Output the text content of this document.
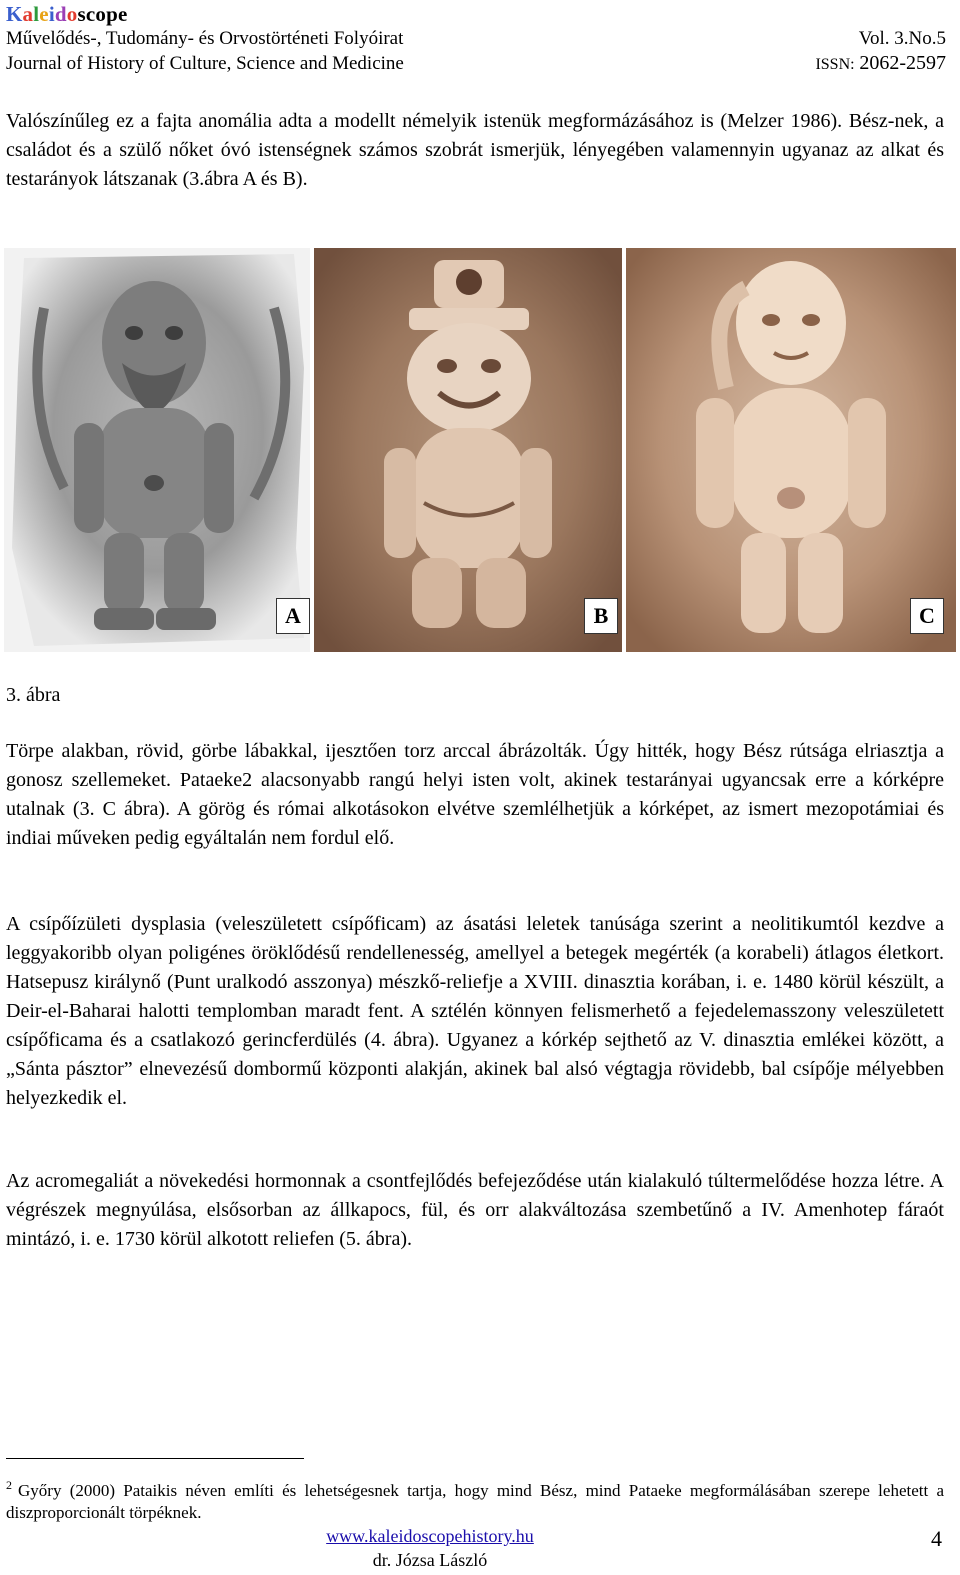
Kaleidoscope
Művelődés-, Tudomány- és Orvostörténeti Folyóirat	Vol. 3.No.5
Journal of History of Culture, Science and Medicine	ISSN: 2062-2597

Valószínűleg ez a fajta anomália adta a modellt némelyik istenük megformázásához is (Melzer 1986). Bész-nek, a családot és a szülő nőket óvó istenségnek számos szobrát ismerjük, lényegében valamennyin ugyanaz az alkat és testarányok látszanak (3.ábra A és B).

A	B	C

3. ábra

Törpe alakban, rövid, görbe lábakkal, ijesztően torz arccal ábrázolták. Úgy hitték, hogy Bész rútsága elriasztja a gonosz szellemeket. Pataeke2 alacsonyabb rangú helyi isten volt, akinek testarányai ugyancsak erre a kórképre utalnak (3. C ábra). A görög és római alkotásokon elvétve szemlélhetjük a kórképet, az ismert mezopotámiai és indiai műveken pedig egyáltalán nem fordul elő.

A csípőízületi dysplasia (veleszületett csípőficam) az ásatási leletek tanúsága szerint a neolitikumtól kezdve a leggyakoribb olyan poligénes öröklődésű rendellenesség, amellyel a betegek megérték (a korabeli) átlagos életkort. Hatsepusz királynő (Punt uralkodó asszonya) mészkő-reliefje a XVIII. dinasztia korában, i. e. 1480 körül készült, a Deir-el-Baharai halotti templomban maradt fent. A sztélén könnyen felismerhető a fejedelemasszony veleszületett csípőficama és a csatlakozó gerincferdülés (4. ábra). Ugyanez a kórkép sejthető az V. dinasztia emlékei között, a „Sánta pásztor” elnevezésű dombormű központi alakján, akinek bal alsó végtagja rövidebb, bal csípője mélyebben helyezkedik el.

Az acromegaliát a növekedési hormonnak a csontfejlődés befejeződése után kialakuló túltermelődése hozza létre. A végrészek megnyúlása, elsősorban az állkapocs, fül, és orr alakváltozása szembetűnő a IV. Amenhotep fáraót mintázó, i. e. 1730 körül alkotott reliefen (5. ábra).

$^2$ Győry (2000) Pataikis néven említi és lehetségesnek tartja, hogy mind Bész, mind Pataeke megformálásában szerepe lehetett a diszproporcionált törpéknek.

www.kaleidoscopehistory.hu
dr. Józsa László
4
